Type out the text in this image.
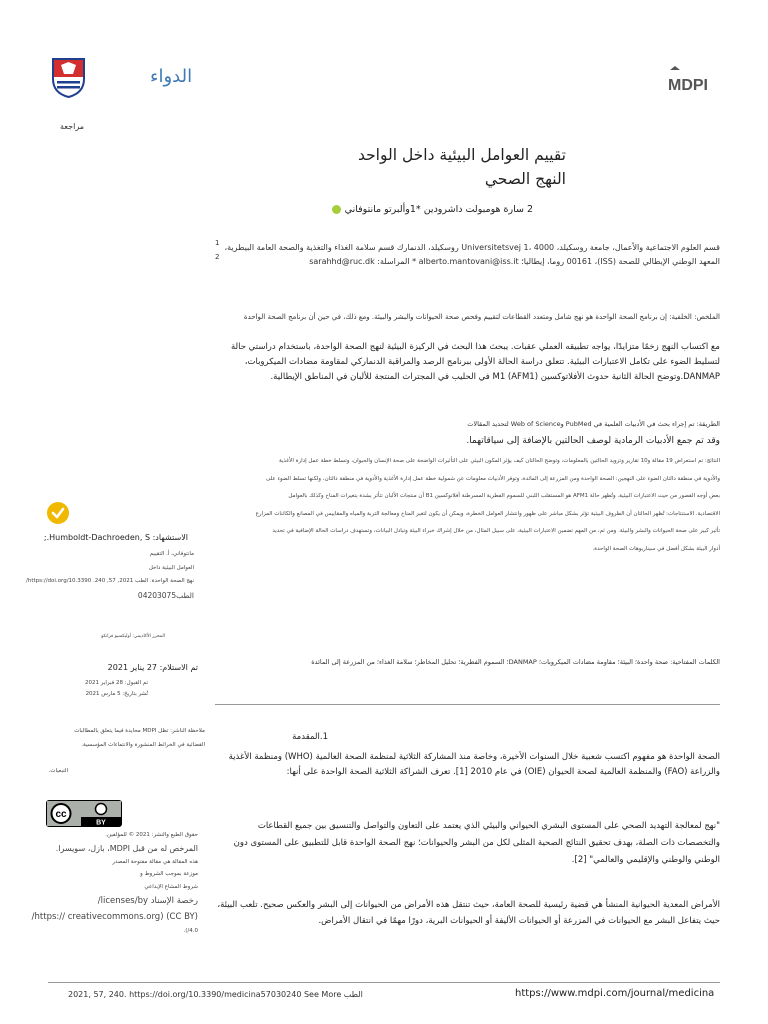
الدواء	MDPI
مراجعة
تقييم العوامل البيئية داخل الواحد
النهج الصحي
2 سارة هومبولت داشرودين *1وألبرتو مانتوفاني
1
2
قسم العلوم الاجتماعية والأعمال، جامعة روسكيلد، Universitetsvej 1، 4000 روسكيلد، الدنمارك قسم سلامة الغذاء والتغذية والصحة العامة البيطرية،
المعهد الوطني الإيطالي للصحة (ISS)، 00161 روما، إيطاليا؛ alberto.mantovani@iss.it * المراسلة: sarahhd@ruc.dk
الملخص: الخلفية: إن برنامج الصحة الواحدة هو نهج شامل ومتعدد القطاعات لتقييم وفحص صحة الحيوانات والبشر والبيئة. ومع ذلك، في حين أن برنامج الصحة الواحدة
مع اكتساب النهج زخمًا متزايدًا، يواجه تطبيقه العملي عقبات. يبحث هذا البحث في الركيزة البيئية لنهج الصحة الواحدة، باستخدام دراستي حالة
لتسليط الضوء على تكامل الاعتبارات البيئية. تتعلق دراسة الحالة الأولى ببرنامج الرصد والمراقبة الدنماركي لمقاومة مضادات الميكروبات،
DANMAP.وتوضح الحالة الثانية حدوث الأفلاتوكسين M1 (AFM1) في الحليب في المجترات المنتجة للألبان في المناطق الإيطالية.
الطريقة: تم إجراء بحث في الأدبيات العلمية في PubMed وWeb of Science لتحديد المقالات
وقد تم جمع الأدبيات الرمادية لوصف الحالتين بالإضافة إلى سياقاتهما.
النتائج: تم استعراض 19 مقالة و10 تقارير وتزويد الحالتين بالمعلومات، وتوضح الحالتان كيف يؤثر المكون البيئي على التأثيرات الواضحة على صحة الإنسان والحيوان، وتسلط خطة عمل إدارة الأغذية
والأدوية في منطقة دالتان الضوء على النهجين: الصحة الواحدة ومن المزرعة إلى المائدة، وتوفر الأدبيات معلومات عن شمولية خطة عمل إدارة الأغذية والأدوية في منطقة دالتان، ولكنها تسلط الضوء على
بعض أوجه القصور من حيث الاعتبارات البيئية. وتُظهر حالة AFM1 هو المستقلب اللبني للسموم الفطرية المسرطنة أفلاتوكسين B1 أن منتجات الألبان تتأثر بشدة بتغيرات المناخ وكذلك بالعوامل
الاقتصادية. الاستنتاجات: تُظهر الحالتان أن الظروف البيئية تؤثر بشكل مباشر على ظهور وانتشار العوامل الخطرة، ويمكن أن يكون لتغير المناخ ومعالجة التربة والمياه والمقاييس في المصانع والكائنات المزارع
تأثير كبير على صحة الحيوانات والبشر والبيئة. ومن ثم، من المهم تضمين الاعتبارات البيئية، على سبيل المثال، من خلال إشراك خبراء البيئة وتبادل البيانات، وتستهدف دراسات الحالة الإضافية في تحديد
أدوار البيئة بشكل أفضل في سيناريوهات الصحة الواحدة.
الاستشهاد: Humboldt-Dachroeden, S.;
مانتوفاني، أ. التقييم
العوامل البيئية داخل
نهج الصحة الواحدة. الطب 2021, 57, 240. https://doi.org/10.3390/
الطب04203075
المحرر الأكاديمي: أوليكسيو فرانكو
تم الاستلام: 27 يناير 2021
تم القبول: 28 فبراير 2021
نُشر بتاريخ: 5 مارس 2021
ملاحظة الناشر: تظل MDPI محايدة فيما يتعلق بالمطالبات
القضائية في الخرائط المنشورة والانتماءات المؤسسية.
التبعيات.
cc
BY
حقوق الطبع والنشر: 2021 © للمؤلفين.
المرخص له من قبل MDPI، بازل، سويسرا.
هذه المقالة هي مقالة مفتوحة المصدر
موزعة بموجب الشروط و
شروط المشاع الإبداعي
رخصة الإسناد licenses/by/
(CC BY) (https:// creativecommons.org/
4.0/).
الكلمات المفتاحية: صحة واحدة؛ البيئة؛ مقاومة مضادات الميكروبات؛ DANMAP؛ السموم الفطرية؛ تحليل المخاطر؛ سلامة الغذاء؛ من المزرعة إلى المائدة
1.المقدمة
الصحة الواحدة هو مفهوم اكتسب شعبية خلال السنوات الأخيرة، وخاصة منذ المشاركة الثلاثية لمنظمة الصحة العالمية (WHO) ومنظمة الأغذية
والزراعة (FAO) والمنظمة العالمية لصحة الحيوان (OIE) في عام 2010 [1]. تعرف الشراكة الثلاثية الصحة الواحدة على أنها:
"نهج لمعالجة التهديد الصحي على المستوى البشري الحيواني والبيئي الذي يعتمد على التعاون والتواصل والتنسيق بين جميع القطاعات
والتخصصات ذات الصلة، بهدف تحقيق النتائج الصحية المثلى لكل من البشر والحيوانات؛ نهج الصحة الواحدة قابل للتطبيق على المستوى دون
الوطني والوطني والإقليمي والعالمي" [2].
الأمراض المعدية الحيوانية المنشأ هي قضية رئيسية للصحة العامة، حيث تنتقل هذه الأمراض من الحيوانات إلى البشر والعكس صحيح. تلعب البيئة،
حيث يتفاعل البشر مع الحيوانات في المزرعة أو الحيوانات الأليفة أو الحيوانات البرية، دورًا مهمًا في انتقال الأمراض.
2021, 57, 240. https://doi.org/10.3390/medicina57030240 See More الطب	https://www.mdpi.com/journal/medicina
